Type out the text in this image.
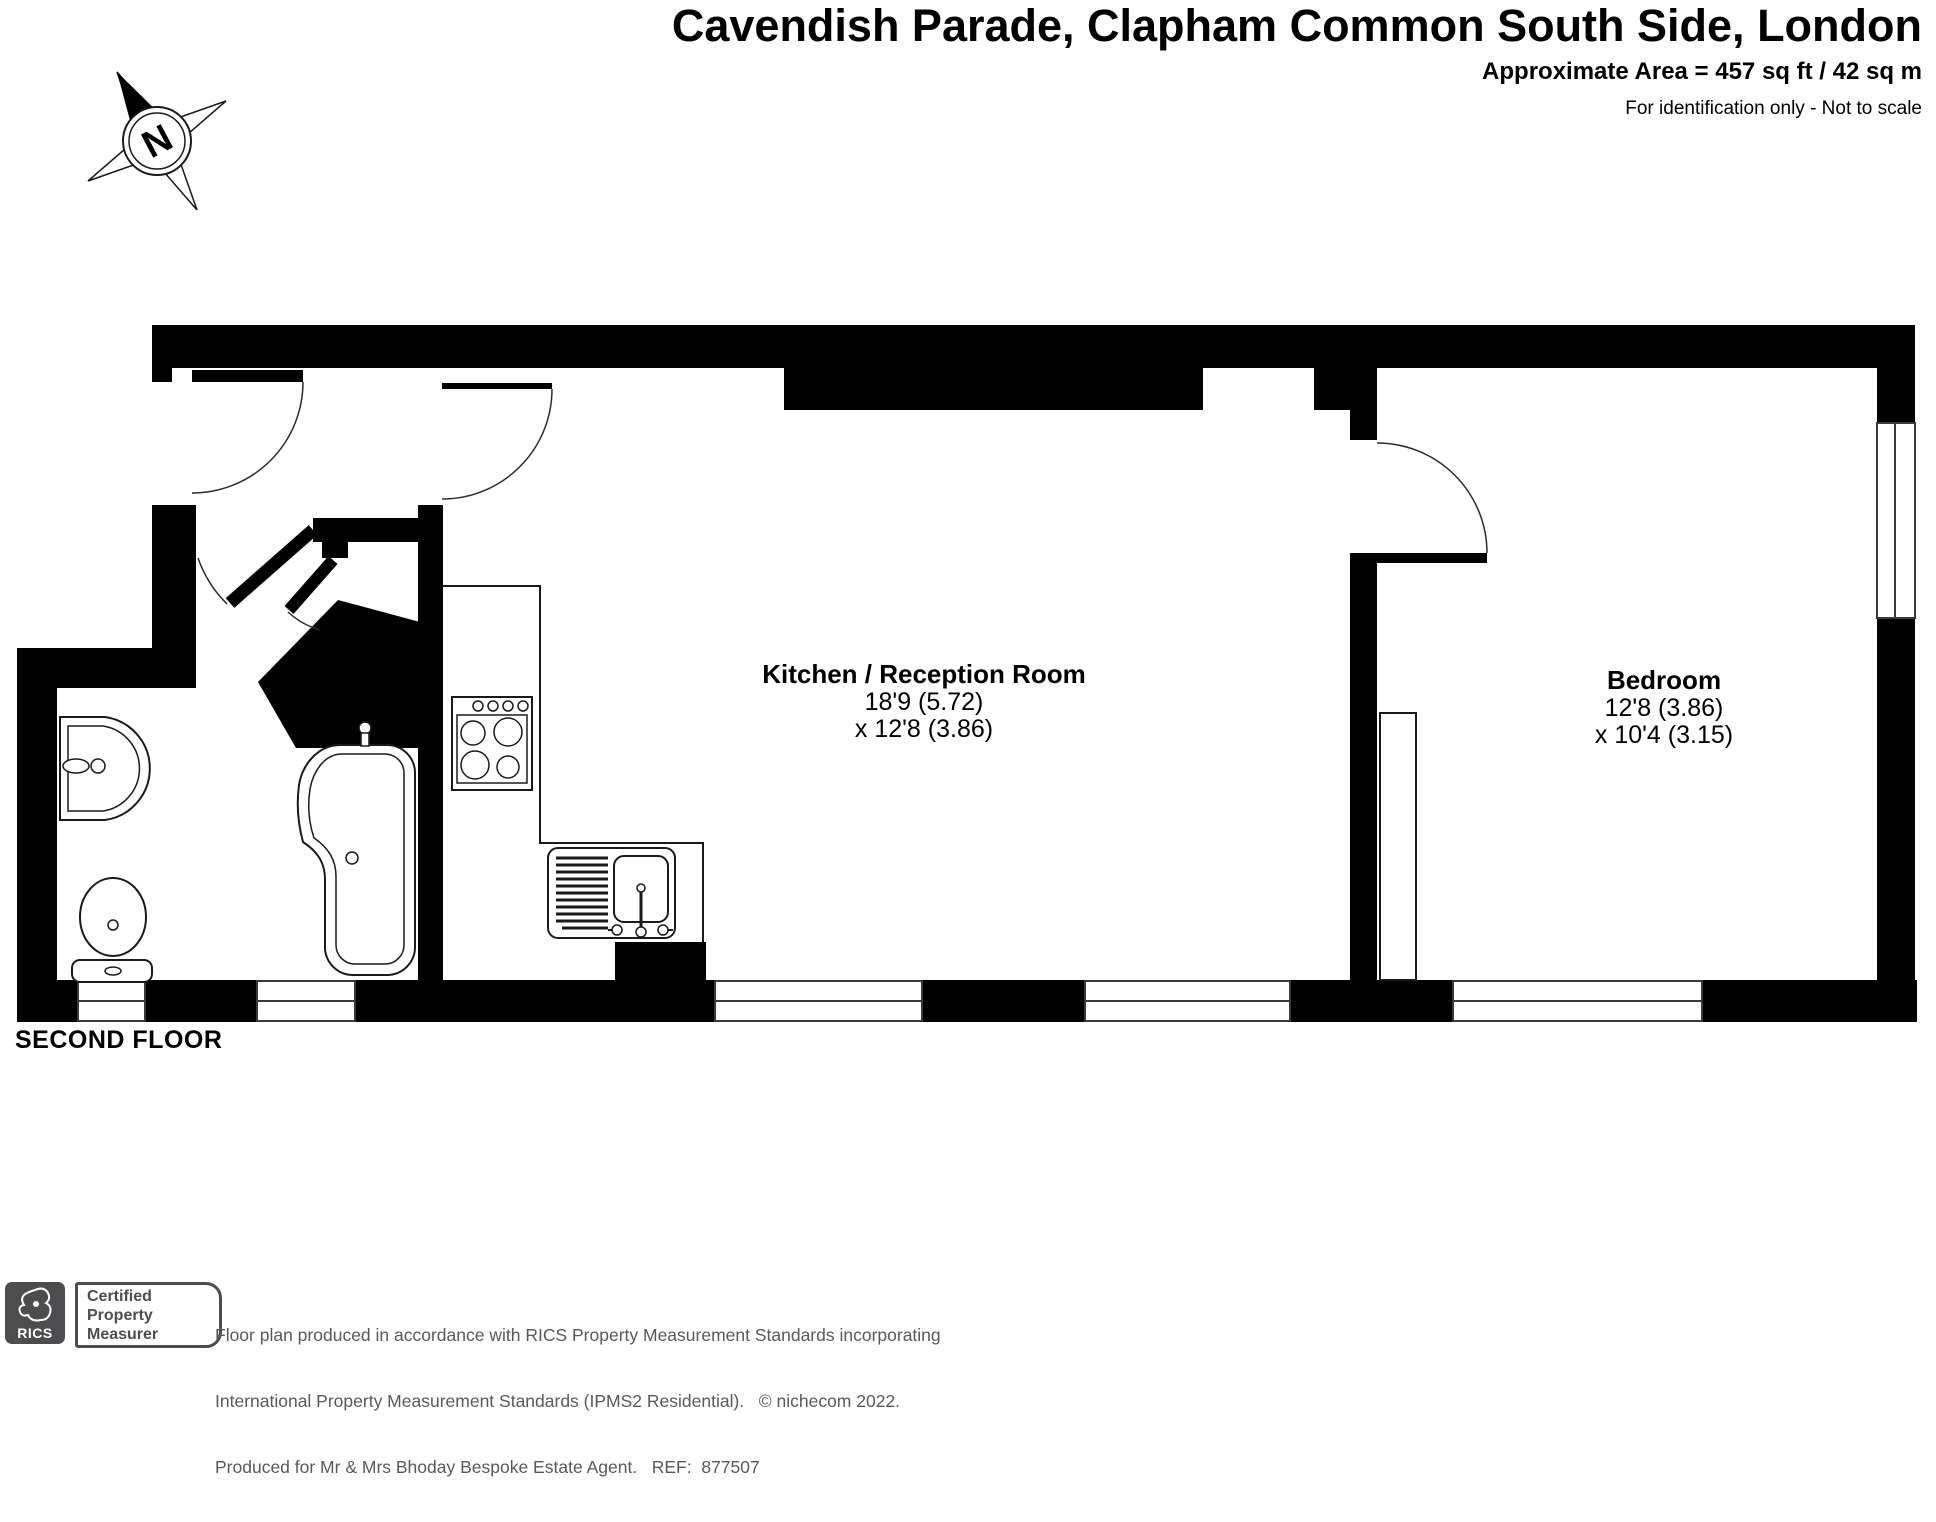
Cavendish Parade, Clapham Common South Side, London
Approximate Area = 457 sq ft / 42 sq m
For identification only - Not to scale
N
Kitchen / Reception Room
18'9 (5.72)
x 12'8 (3.86)
Bedroom
12'8 (3.86)
x 10'4 (3.15)
SECOND FLOOR
RICS
Certified
Property
Measurer

	Floor plan produced in accordance with RICS Property Measurement Standards incorporating

International Property Measurement Standards (IPMS2 Residential).   © nichecom 2022.

Produced for Mr & Mrs Bhoday Bespoke Estate Agent.   REF:  877507
